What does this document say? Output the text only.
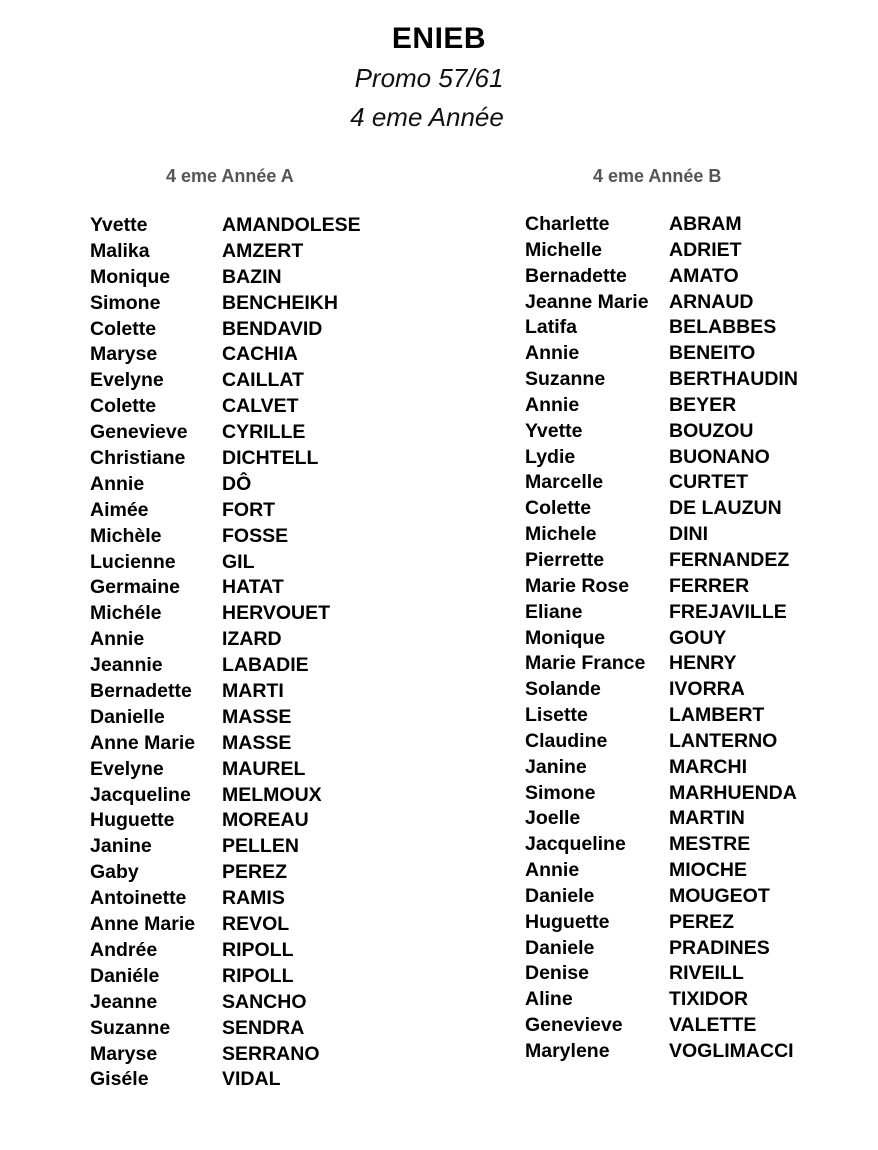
ENIEB
Promo 57/61
4 eme Année
4 eme Année A	4 eme Année B
Yvette	AMANDOLESE
Malika	AMZERT
Monique	BAZIN
Simone	BENCHEIKH
Colette	BENDAVID
Maryse	CACHIA
Evelyne	CAILLAT
Colette	CALVET
Genevieve CYRILLE
Christiane DICHTELL
Annie	DÔ
Aimée	FORT
Michèle	FOSSE
Lucienne GIL
Germaine HATAT
Michéle	HERVOUET
Annie	IZARD
Jeannie	LABADIE
Bernadette MARTI
Danielle	MASSE
Anne Marie MASSE
Evelyne	MAUREL
Jacqueline MELMOUX
Huguette MOREAU
Janine	PELLEN
Gaby	PEREZ
Antoinette RAMIS
Anne Marie REVOL
Andrée	RIPOLL
Daniéle	RIPOLL
Jeanne	SANCHO
Suzanne	SENDRA
Maryse	SERRANO
Giséle	VIDAL
Charlette	ABRAM
Michelle	ADRIET
Bernadette AMATO
Jeanne Marie ARNAUD
Latifa	BELABBES
Annie	BENEITO
Suzanne	BERTHAUDIN
Annie	BEYER
Yvette	BOUZOU
Lydie	BUONANO
Marcelle	CURTET
Colette	DE LAUZUN
Michele	DINI
Pierrette	FERNANDEZ
Marie Rose FERRER
Eliane	FREJAVILLE
Monique	GOUY
Marie France HENRY
Solande	IVORRA
Lisette	LAMBERT
Claudine	LANTERNO
Janine	MARCHI
Simone	MARHUENDA
Joelle	MARTIN
Jacqueline MESTRE
Annie	MIOCHE
Daniele	MOUGEOT
Huguette	PEREZ
Daniele	PRADINES
Denise	RIVEILL
Aline	TIXIDOR
Genevieve VALETTE
Marylene	VOGLIMACCI
